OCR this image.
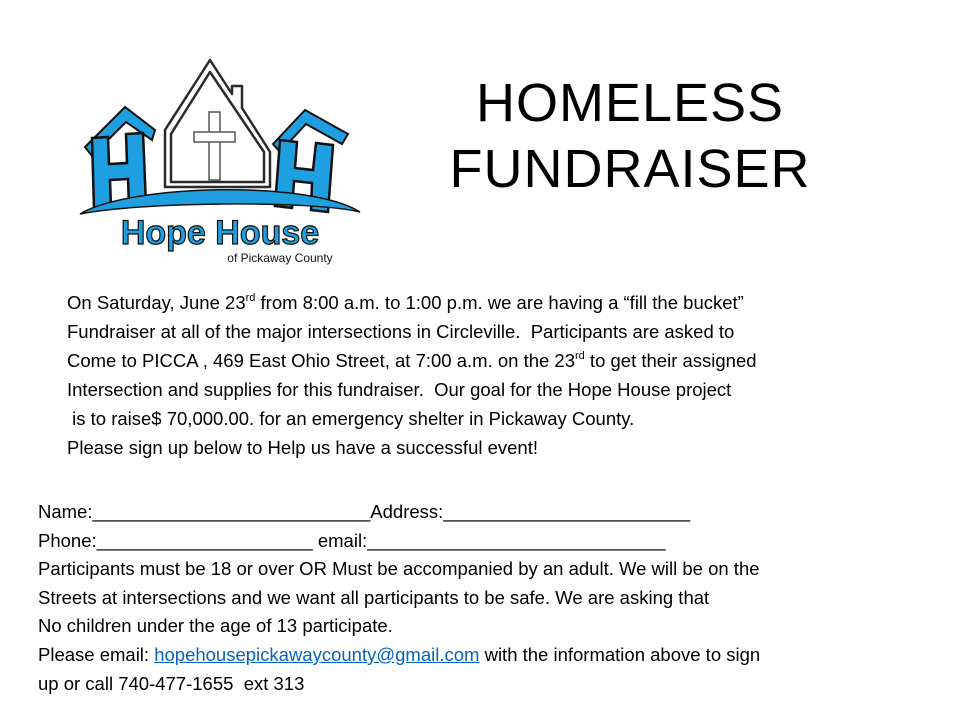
Hope House
of Pickaway County
HOMELESS
FUNDRAISER
On Saturday, June 23rd from 8:00 a.m. to 1:00 p.m. we are having a “fill the bucket”
Fundraiser at all of the major intersections in Circleville.  Participants are asked to
Come to PICCA , 469 East Ohio Street, at 7:00 a.m. on the 23rd to get their assigned
Intersection and supplies for this fundraiser.  Our goal for the Hope House project
is to raise$ 70,000.00. for an emergency shelter in Pickaway County.
Please sign up below to Help us have a successful event!
Name:___________________________Address:________________________
Phone:_____________________ email:_____________________________
Participants must be 18 or over OR Must be accompanied by an adult. We will be on the
Streets at intersections and we want all participants to be safe. We are asking that
No children under the age of 13 participate.
Please email: hopehousepickawaycounty@gmail.com with the information above to sign
up or call 740-477-1655  ext 313
